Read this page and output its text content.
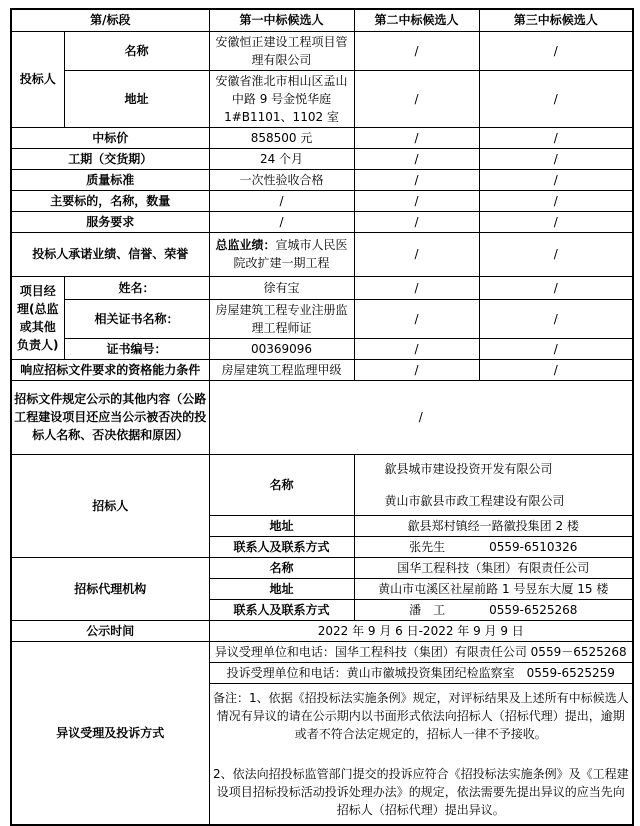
第/标段		第一中标候选人	第二中标候选人	第三中标候选人
投标人	名称	安徽恒正建设工程项目管理有限公司	/	/
	地址	安徽省淮北市相山区孟山中路 9 号金悦华庭 1#B1101、1102 室	/	/
中标价		858500 元	/	/
工期（交货期）		24 个月	/	/
质量标准		一次性验收合格	/	/
主要标的，名称，数量		/	/	/
服务要求		/	/	/
投标人承诺业绩、信誉、荣誉		总监业绩：宣城市人民医院改扩建一期工程	/	/
项目经理(总监或其他负责人)	姓名：	徐有宝	/	/
	相关证书名称：	房屋建筑工程专业注册监理工程师证	/	/
	证书编号：	00369096	/	/
响应招标文件要求的资格能力条件		房屋建筑工程监理甲级	/	/
招标文件规定公示的其他内容（公路工程建设项目还应当公示被否决的投标人名称、否决依据和原因）		/		
招标人		名称	歙县城市建设投资开发有限公司
黄山市歙县市政工程建设有限公司	

		地址	歙县郑村镇经一路徽投集团 2 楼	
		联系人及联系方式	张先生 0559-6510326	

招标代理机构		名称	国华工程科技（集团）有限责任公司	
		地址	黄山市屯溪区社屋前路 1 号昱东大厦 15 楼	
		联系人及联系方式	潘　工 0559-6525268	

公示时间		2022 年 9 月 6 日-2022 年 9 月 9 日		
异议受理及投诉方式		异议受理单位和电话：国华工程科技（集团）有限责任公司 0559－6525268		
		投诉受理单位和电话：黄山市徽城投资集团纪检监察室　0559-6525259		

		备注：1、依据《招投标法实施条例》规定，对评标结果及上述所有中标候选人情况有异议的请在公示期内以书面形式依法向招标人（招标代理）提出，逾期或者不符合法定规定的，招标人一律不予接收。

2、依法向招投标监管部门提交的投诉应符合《招投标法实施条例》及《工程建设项目招标投标活动投诉处理办法》的规定，依法需要先提出异议的应当先向招标人（招标代理）提出异议。		
